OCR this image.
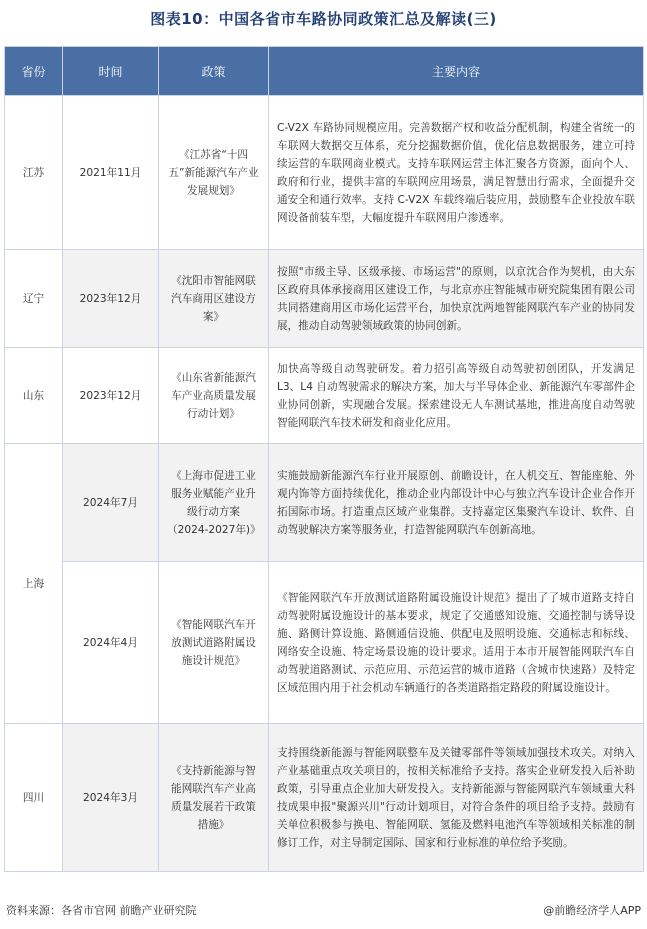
图表10：中国各省市车路协同政策汇总及解读(三)
省份	时间	政策	主要内容
江苏	2021年11月	《江苏省“十四五”新能源汽车产业发展规划》	C-V2X 车路协同规模应用。完善数据产权和收益分配机制，构建全省统一的车联网大数据交互体系，充分挖掘数据价值，优化信息数据服务，建立可持续运营的车联网商业模式。支持车联网运营主体汇聚各方资源，面向个人、政府和行业，提供丰富的车联网应用场景，满足智慧出行需求，全面提升交通安全和通行效率。支持 C-V2X 车载终端后装应用，鼓励整车企业投放车联网设备前装车型，大幅度提升车联网用户渗透率。
辽宁	2023年12月	《沈阳市智能网联汽车商用区建设方案》	按照"市级主导、区级承接、市场运营"的原则，以京沈合作为契机，由大东区政府具体承接商用区建设工作，与北京亦庄智能城市研究院集团有限公司共同搭建商用区市场化运营平台，加快京沈两地智能网联汽车产业的协同发展，推动自动驾驶领域政策的协同创新。
山东	2023年12月	《山东省新能源汽车产业高质量发展行动计划》	加快高等级自动驾驶研发。着力招引高等级自动驾驶初创团队，开发满足 L3、L4 自动驾驶需求的解决方案，加大与半导体企业、新能源汽车零部件企业协同创新，实现融合发展。探索建设无人车测试基地，推进高度自动驾驶智能网联汽车技术研发和商业化应用。
上海	2024年7月	《上海市促进工业服务业赋能产业升级行动方案（2024-2027年)》	实施鼓励新能源汽车行业开展原创、前瞻设计，在人机交互、智能座舱、外观内饰等方面持续优化，推动企业内部设计中心与独立汽车设计企业合作开拓国际市场。打造重点区域产业集群。支持嘉定区集聚汽车设计、软件、自动驾驶解决方案等服务业，打造智能网联汽车创新高地。
	2024年4月	《智能网联汽车开放测试道路附属设施设计规范》	《智能网联汽车开放测试道路附属设施设计规范》提出了了城市道路支持自动驾驶附属设施设计的基本要求，规定了交通感知设施、交通控制与诱导设施、路侧计算设施、路侧通信设施、供配电及照明设施、交通标志和标线、网络安全设施、特定场景设施的设计要求。适用于本市开展智能网联汽车自动驾驶道路测试、示范应用、示范运营的城市道路（含城市快速路）及特定区域范围内用于社会机动车辆通行的各类道路指定路段的附属设施设计。
四川	2024年3月	《支持新能源与智能网联汽车产业高质量发展若干政策措施》	支持围绕新能源与智能网联整车及关键零部件等领域加强技术攻关。对纳入产业基础重点攻关项目的，按相关标准给予支持。落实企业研发投入后补助政策，引导重点企业加大研发投入。支持新能源与智能网联汽车领域重大科技成果申报"聚源兴川"行动计划项目，对符合条件的项目给予支持。鼓励有关单位积极参与换电、智能网联、氢能及燃料电池汽车等领域相关标准的制修订工作，对主导制定国际、国家和行业标准的单位给予奖励。
资料来源：各省市官网 前瞻产业研究院	@前瞻经济学人APP
